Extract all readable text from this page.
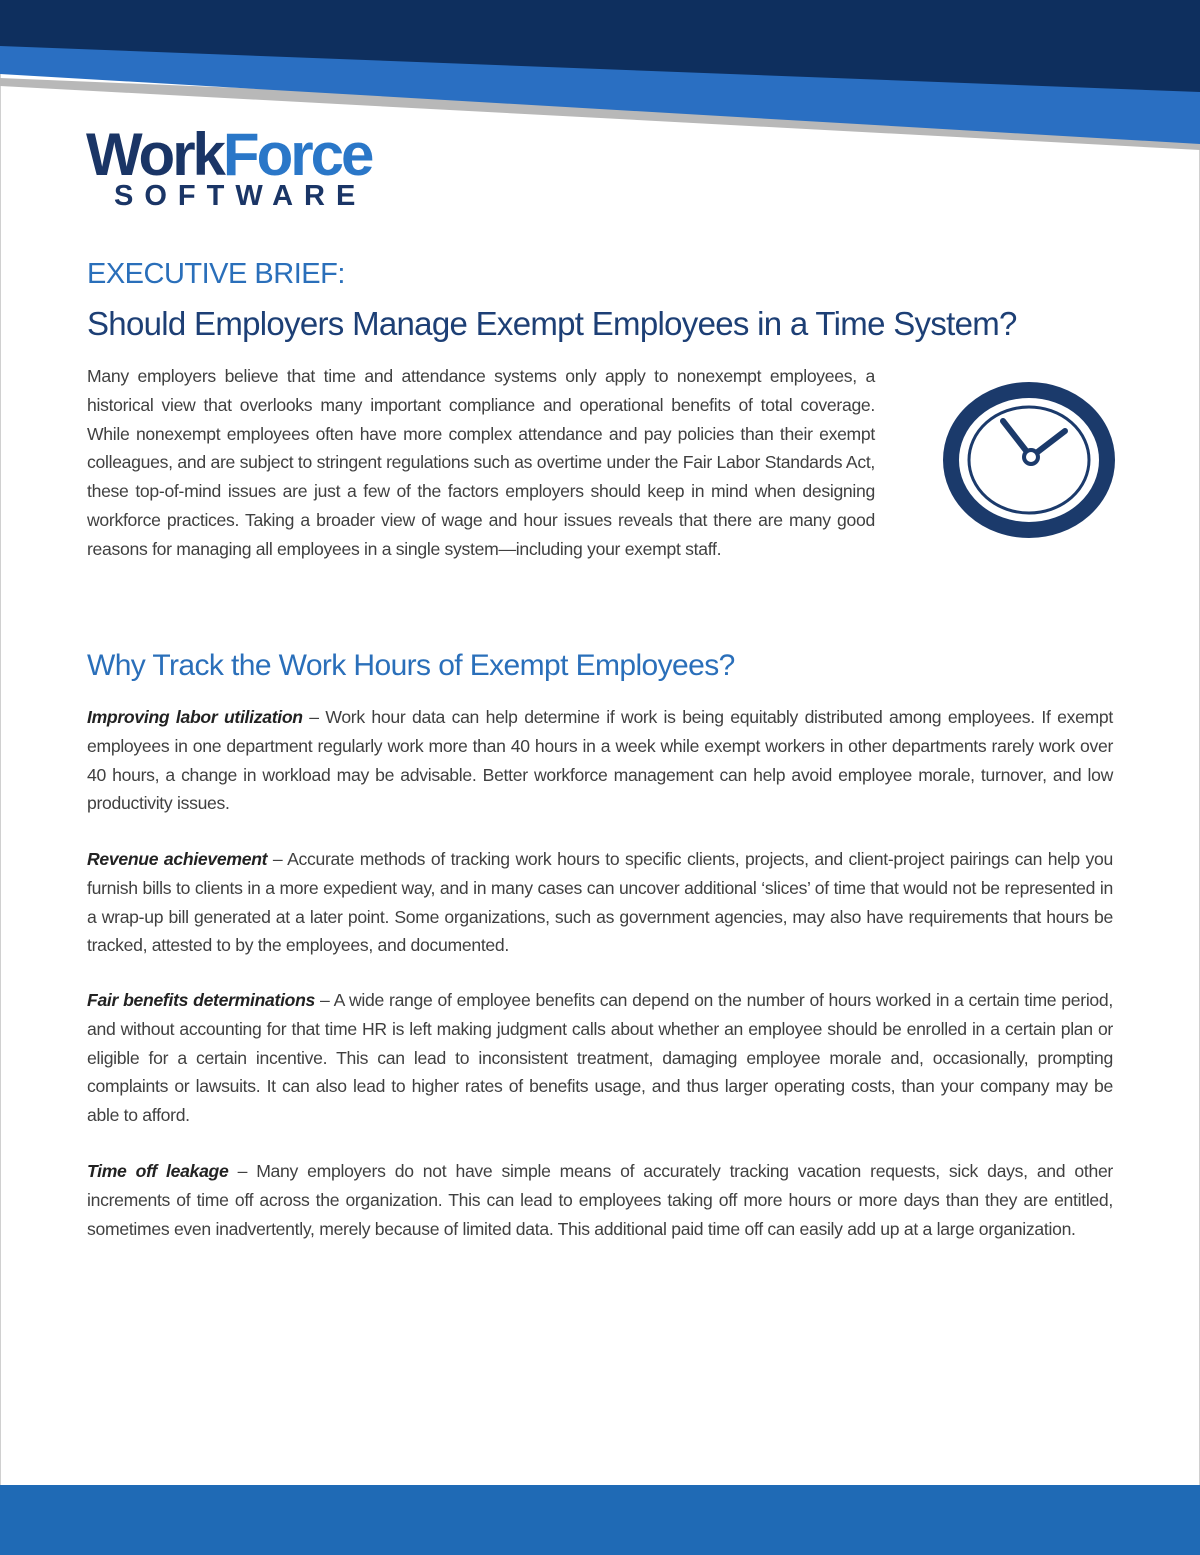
WorkForce
SOFTWARE
EXECUTIVE BRIEF:
Should Employers Manage Exempt Employees in a Time System?

Many employers believe that time and attendance systems only apply to nonexempt employees, a historical view that overlooks many important compliance and operational benefits of total coverage. While nonexempt employees often have more complex attendance and pay policies than their exempt colleagues, and are subject to stringent regulations such as overtime under the Fair Labor Standards Act, these top-of-mind issues are just a few of the factors employers should keep in mind when designing workforce practices. Taking a broader view of wage and hour issues reveals that there are many good reasons for managing all employees in a single system—including your exempt staff.

Why Track the Work Hours of Exempt Employees?

Improving labor utilization – Work hour data can help determine if work is being equitably distributed among employees. If exempt employees in one department regularly work more than 40 hours in a week while exempt workers in other departments rarely work over 40 hours, a change in workload may be advisable. Better workforce management can help avoid employee morale, turnover, and low productivity issues.

Revenue achievement – Accurate methods of tracking work hours to specific clients, projects, and client-project pairings can help you furnish bills to clients in a more expedient way, and in many cases can uncover additional ‘slices’ of time that would not be represented in a wrap-up bill generated at a later point. Some organizations, such as government agencies, may also have requirements that hours be tracked, attested to by the employees, and documented.

Fair benefits determinations – A wide range of employee benefits can depend on the number of hours worked in a certain time period, and without accounting for that time HR is left making judgment calls about whether an employee should be enrolled in a certain plan or eligible for a certain incentive. This can lead to inconsistent treatment, damaging employee morale and, occasionally, prompting complaints or lawsuits. It can also lead to higher rates of benefits usage, and thus larger operating costs, than your company may be able to afford.

Time off leakage – Many employers do not have simple means of accurately tracking vacation requests, sick days, and other increments of time off across the organization. This can lead to employees taking off more hours or more days than they are entitled, sometimes even inadvertently, merely because of limited data. This additional paid time off can easily add up at a large organization.
